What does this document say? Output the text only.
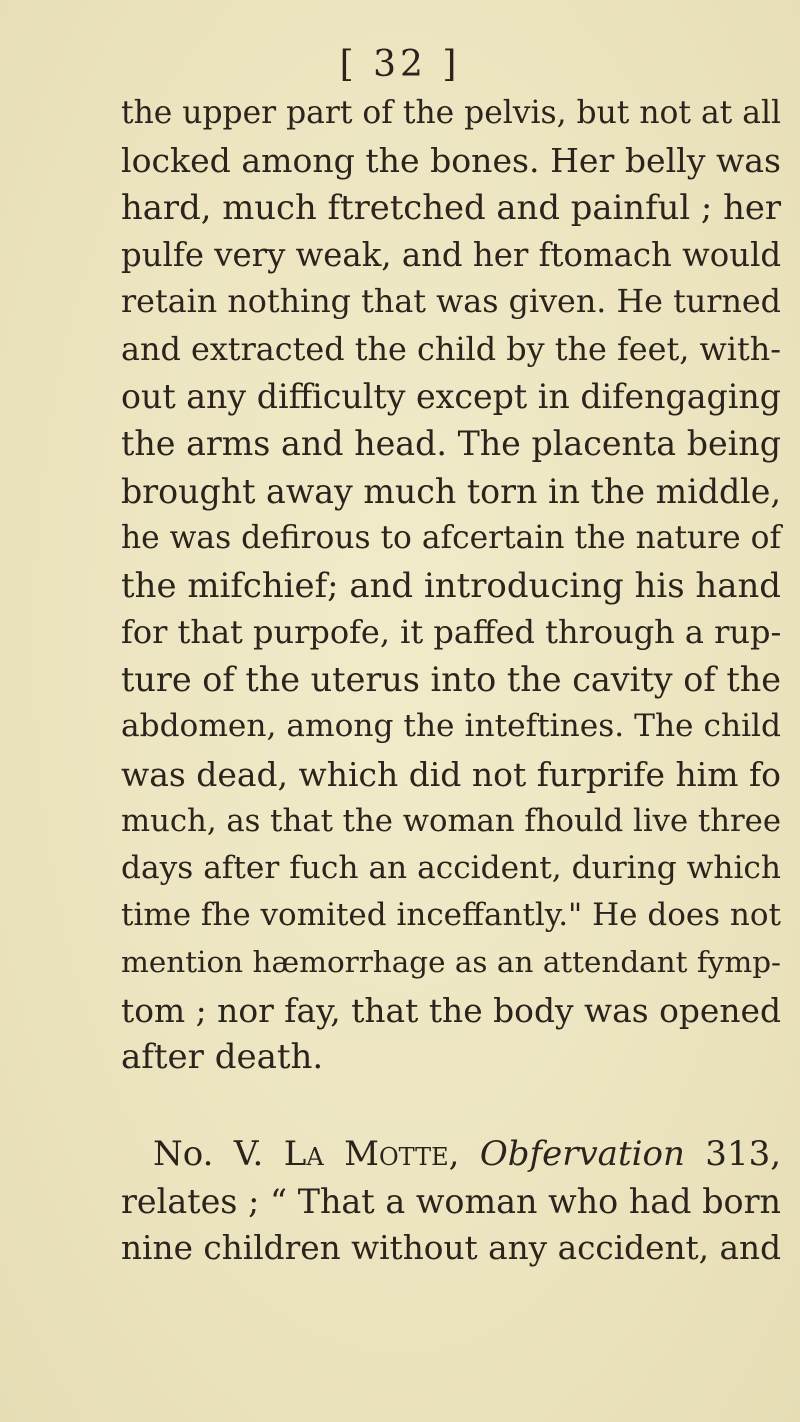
[ 32 ]
the upper part of the pelvis, but not at all
locked among the bones. Her belly was
hard, much ftretched and painful ; her
pulfe very weak, and her ftomach would
retain nothing that was given. He turned
and extracted the child by the feet, with-
out any difficulty except in difengaging
the arms and head. The placenta being
brought away much torn in the middle,
he was defirous to afcertain the nature of
the mifchief; and introducing his hand
for that purpofe, it paffed through a rup-
ture of the uterus into the cavity of the
abdomen, among the inteftines. The child
was dead, which did not furprife him fo
much, as that the woman fhould live three
days after fuch an accident, during which
time fhe vomited inceffantly." He does not
mention hæmorrhage as an attendant fymp-
tom ; nor fay, that the body was opened
after death.
No. V. La Motte, Obfervation 313,
relates ; “ That a woman who had born
nine children without any accident, and
